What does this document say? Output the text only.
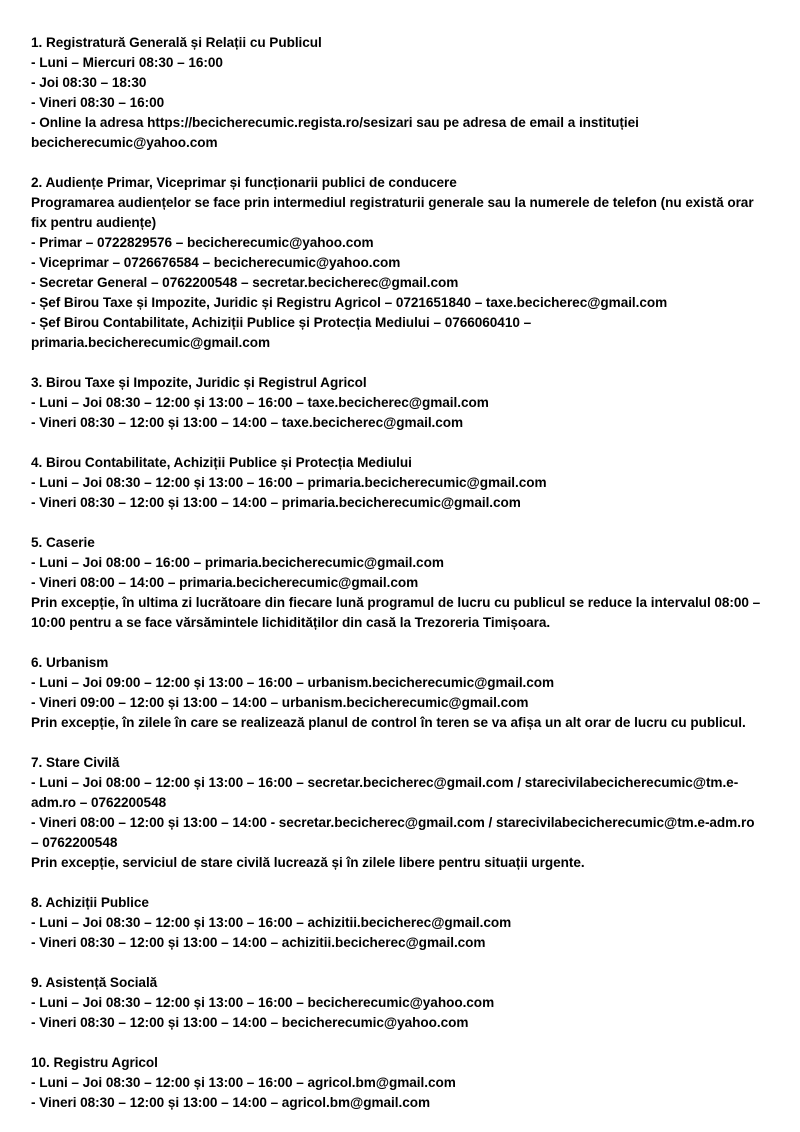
1. Registratură Generală și Relații cu Publicul

- Luni – Miercuri 08:30 – 16:00

- Joi 08:30 – 18:30

- Vineri 08:30 – 16:00

- Online la adresa https://becicherecumic.regista.ro/sesizari sau pe adresa de email a instituției becicherecumic@yahoo.com

2. Audiențe Primar, Viceprimar și funcționarii publici de conducere

Programarea audiențelor se face prin intermediul registraturii generale sau la numerele de telefon (nu există orar fix pentru audiențe)

- Primar – 0722829576 – becicherecumic@yahoo.com

- Viceprimar – 0726676584 – becicherecumic@yahoo.com

- Secretar General – 0762200548 – secretar.becicherec@gmail.com

- Șef Birou Taxe și Impozite, Juridic și Registru Agricol – 0721651840 – taxe.becicherec@gmail.com

- Șef Birou Contabilitate, Achiziții Publice și Protecția Mediului – 0766060410 – primaria.becicherecumic@gmail.com

3. Birou Taxe și Impozite, Juridic și Registrul Agricol

- Luni – Joi 08:30 – 12:00 și 13:00 – 16:00 – taxe.becicherec@gmail.com

- Vineri 08:30 – 12:00 și 13:00 – 14:00 – taxe.becicherec@gmail.com

4. Birou Contabilitate, Achiziții Publice și Protecția Mediului

- Luni – Joi 08:30 – 12:00 și 13:00 – 16:00 – primaria.becicherecumic@gmail.com

- Vineri 08:30 – 12:00 și 13:00 – 14:00 – primaria.becicherecumic@gmail.com

5. Caserie

- Luni – Joi 08:00 – 16:00 – primaria.becicherecumic@gmail.com

- Vineri 08:00 – 14:00 – primaria.becicherecumic@gmail.com

Prin excepție, în ultima zi lucrătoare din fiecare lună programul de lucru cu publicul se reduce la intervalul 08:00 – 10:00 pentru a se face vărsămintele lichidităților din casă la Trezoreria Timișoara.

6. Urbanism

- Luni – Joi 09:00 – 12:00 și 13:00 – 16:00 – urbanism.becicherecumic@gmail.com

- Vineri 09:00 – 12:00 și 13:00 – 14:00 – urbanism.becicherecumic@gmail.com

Prin excepție, în zilele în care se realizează planul de control în teren se va afișa un alt orar de lucru cu publicul.

7. Stare Civilă

- Luni – Joi 08:00 – 12:00 și 13:00 – 16:00 – secretar.becicherec@gmail.com / starecivilabecicherecumic@tm.e-adm.ro – 0762200548

- Vineri 08:00 – 12:00 și 13:00 – 14:00 - secretar.becicherec@gmail.com / starecivilabecicherecumic@tm.e-adm.ro – 0762200548

Prin excepție, serviciul de stare civilă lucrează și în zilele libere pentru situații urgente.

8. Achiziții Publice

- Luni – Joi 08:30 – 12:00 și 13:00 – 16:00 – achizitii.becicherec@gmail.com

- Vineri 08:30 – 12:00 și 13:00 – 14:00 – achizitii.becicherec@gmail.com

9. Asistență Socială

- Luni – Joi 08:30 – 12:00 și 13:00 – 16:00 – becicherecumic@yahoo.com

- Vineri 08:30 – 12:00 și 13:00 – 14:00 – becicherecumic@yahoo.com

10. Registru Agricol

- Luni – Joi 08:30 – 12:00 și 13:00 – 16:00 – agricol.bm@gmail.com

- Vineri 08:30 – 12:00 și 13:00 – 14:00 – agricol.bm@gmail.com
